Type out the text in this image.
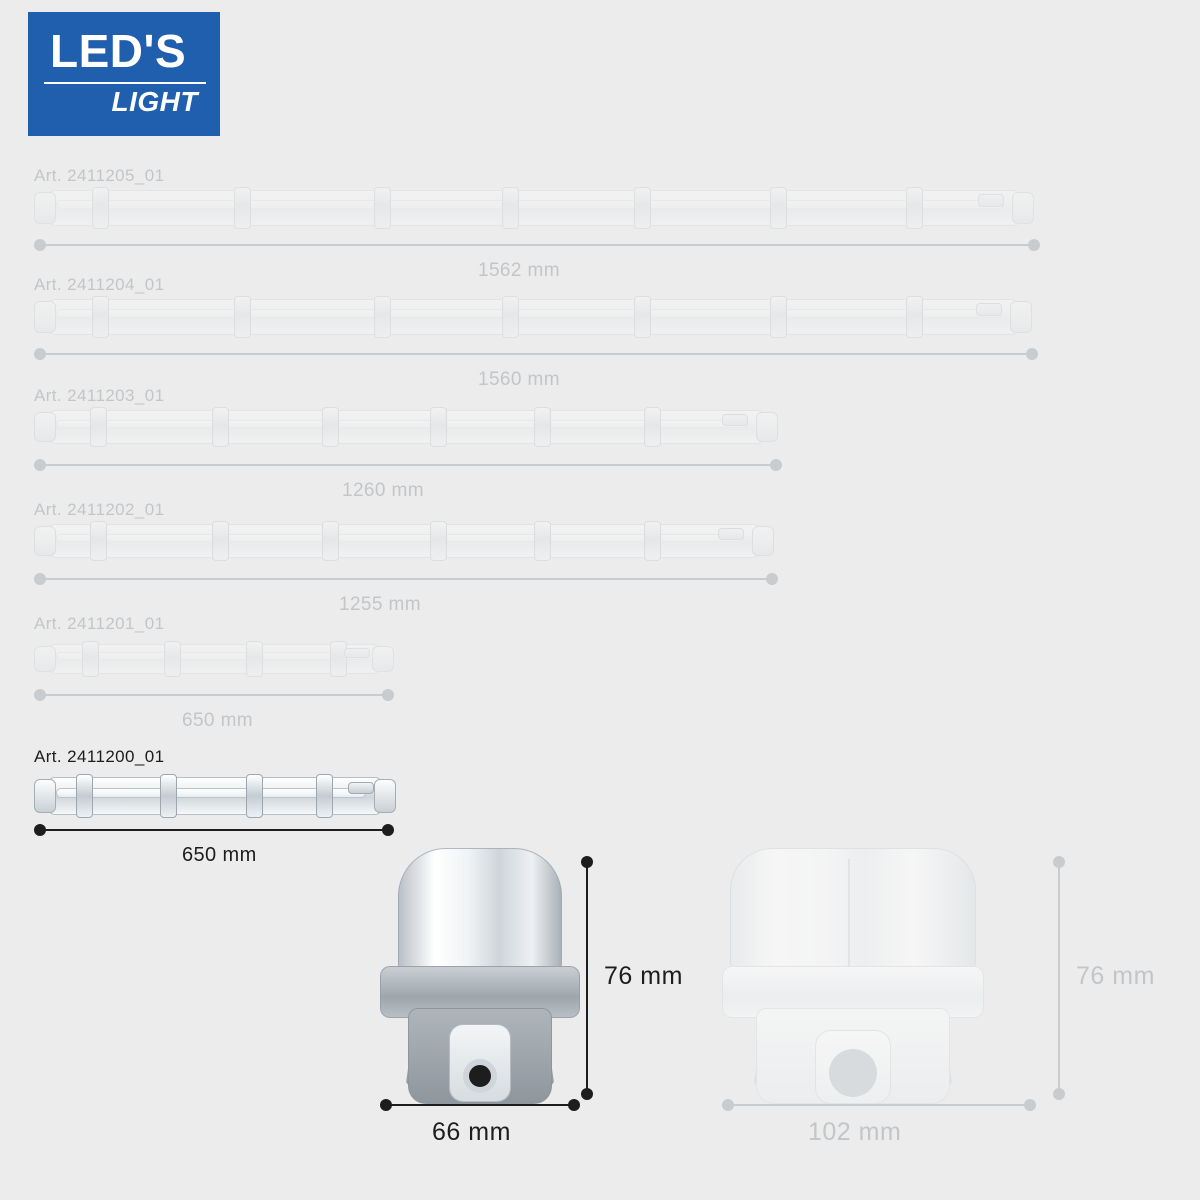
LED'S
LIGHT
Art. 2411205_01
1562 mm
Art. 2411204_01
1560 mm
Art. 2411203_01
1260 mm
Art. 2411202_01
1255 mm
Art. 2411201_01
650 mm
Art. 2411200_01
650 mm
76 mm
66 mm
76 mm
102 mm
